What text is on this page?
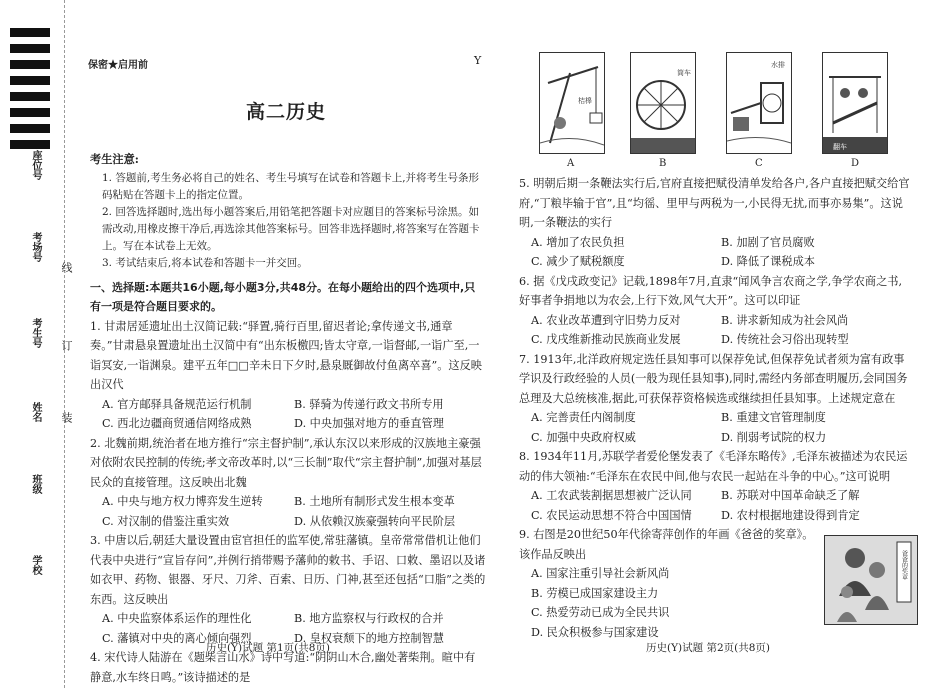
座位号
考场号
考生号
姓名
班级
学校
线
订
装
保密★启用前	Y
高二历史

考生注意:

1. 答题前,考生务必将自己的姓名、考生号填写在试卷和答题卡上,并将考生号条形码粘贴在答题卡上的指定位置。

2. 回答选择题时,选出每小题答案后,用铅笔把答题卡对应题目的答案标号涂黑。如需改动,用橡皮擦干净后,再选涂其他答案标号。回答非选择题时,将答案写在答题卡上。写在本试卷上无效。

3. 考试结束后,将本试卷和答题卡一并交回。

一、选择题:本题共16小题,每小题3分,共48分。在每小题给出的四个选项中,只有一项是符合题目要求的。

1. 甘肃居延遗址出土汉简记载:“驿置,骑行百里,留迟者论;拿传递文书,通章奏。”甘肃悬泉置遗址出土汉简中有“出东板檄四;皆太守章,一诣督邮,一诣广至,一诣冥安,一诣渊泉。建平五年□□辛未日下夕时,悬泉厩御故付鱼离卒喜”。这反映出汉代

A. 官方邮驿具备规范运行机制	B. 驿骑为传递行政文书所专用
C. 西北边疆商贸通信网络成熟	D. 中央加强对地方的垂直管理

2. 北魏前期,统治者在地方推行“宗主督护制”,承认东汉以来形成的汉族地主豪强对依附农民控制的传统;孝文帝改革时,以“三长制”取代“宗主督护制”,加强对基层民众的直接管理。这反映出北魏

A. 中央与地方权力博弈发生逆转	B. 土地所有制形式发生根本变革
C. 对汉制的借鉴注重实效	D. 从依赖汉族豪强转向平民阶层

3. 中唐以后,朝廷大量设置由宦官担任的监军使,常驻藩镇。皇帝常常借机让他们代表中央进行“宣旨存问”,并例行捎带赐予藩帅的敕书、手诏、口敕、墨诏以及诸如衣甲、药物、银器、牙尺、刀斧、百索、日历、门神,甚至还包括“口脂”之类的东西。这反映出

A. 中央监察体系运作的理性化	B. 地方监察权与行政权的合并
C. 藩镇对中央的离心倾向强烈	D. 皇权衰颓下的地方控制智慧

4. 宋代诗人陆游在《题柴言山水》诗中写道:“阴阴山木合,幽处著柴荆。暄中有静意,水车终日鸣。”该诗描述的是

桔槔
筒车
水排
翻车
A	B	C	D

5. 明朝后期一条鞭法实行后,官府直接把赋役清单发给各户,各户直接把赋交给官府,“丁粮毕输于官”,且“均徭、里甲与两税为一,小民得无扰,而事亦易集”。这说明,一条鞭法的实行

A. 增加了农民负担	B. 加剧了官员腐败
C. 减少了赋税额度	D. 降低了课税成本

6. 据《戊戌政变记》记载,1898年7月,直隶“闻风争言农商之学,争学农商之书,好事者争捐地以为农会,上行下效,风气大开”。这可以印证

A. 农业改革遭到守旧势力反对	B. 讲求新知成为社会风尚
C. 戊戌维新推动民族商业发展	D. 传统社会习俗出现转型

7. 1913年,北洋政府规定选任县知事可以保荐免试,但保荐免试者须为富有政事学识及行政经验的人员(一般为现任县知事),同时,需经内务部查明履历,会同国务总理及大总统核准,据此,可获保荐资格候选或继续担任县知事。上述规定意在

A. 完善责任内阁制度	B. 重建文官管理制度
C. 加强中央政府权威	D. 削弱考试院的权力

8. 1934年11月,苏联学者爱伦堡发表了《毛泽东略传》,毛泽东被描述为农民运动的伟大领袖:“毛泽东在农民中间,他与农民一起站在斗争的中心。”这可说明

A. 工农武装割据思想被广泛认同	B. 苏联对中国革命缺乏了解
C. 农民运动思想不符合中国国情	D. 农村根据地建设得到肯定

9. 右图是20世纪50年代徐寄萍创作的年画《爸爸的奖章》。该作品反映出

A. 国家注重引导社会新风尚

B. 劳模已成国家建设主力

C. 热爱劳动已成为全民共识

D. 民众积极参与国家建设

爸爸的奖章
历史(Y)试题 第1页(共8页)	历史(Y)试题 第2页(共8页)
